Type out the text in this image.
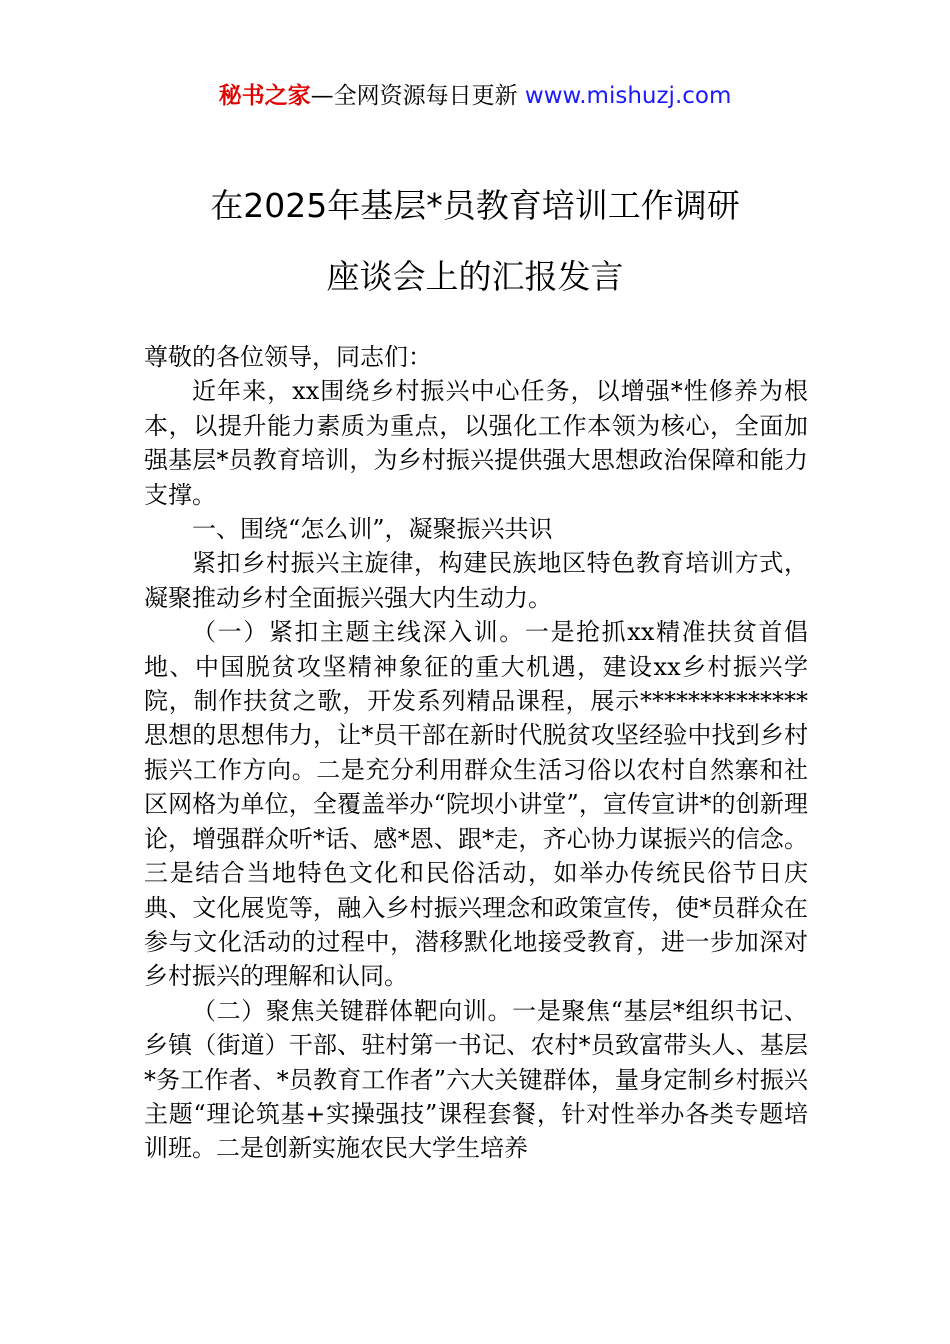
秘书之家—全网资源每日更新 www.mishuzj.com
在2025年基层*员教育培训工作调研
座谈会上的汇报发言

尊敬的各位领导，同志们：

近年来，xx围绕乡村振兴中心任务，以增强*性修养为根本，以提升能力素质为重点，以强化工作本领为核心，全面加强基层*员教育培训，为乡村振兴提供强大思想政治保障和能力支撑。

一、围绕“怎么训”，凝聚振兴共识

紧扣乡村振兴主旋律，构建民族地区特色教育培训方式，凝聚推动乡村全面振兴强大内生动力。

（一）紧扣主题主线深入训。一是抢抓xx精准扶贫首倡地、中国脱贫攻坚精神象征的重大机遇，建设xx乡村振兴学院，制作扶贫之歌，开发系列精品课程，展示**************思想的思想伟力，让*员干部在新时代脱贫攻坚经验中找到乡村振兴工作方向。二是充分利用群众生活习俗以农村自然寨和社区网格为单位，全覆盖举办“院坝小讲堂”，宣传宣讲*的创新理论，增强群众听*话、感*恩、跟*走，齐心协力谋振兴的信念。三是结合当地特色文化和民俗活动，如举办传统民俗节日庆典、文化展览等，融入乡村振兴理念和政策宣传，使*员群众在参与文化活动的过程中，潜移默化地接受教育，进一步加深对乡村振兴的理解和认同。

（二）聚焦关键群体靶向训。一是聚焦“基层*组织书记、乡镇（街道）干部、驻村第一书记、农村*员致富带头人、基层*务工作者、*员教育工作者”六大关键群体，量身定制乡村振兴主题“理论筑基+实操强技”课程套餐，针对性举办各类专题培训班。二是创新实施农民大学生培养
